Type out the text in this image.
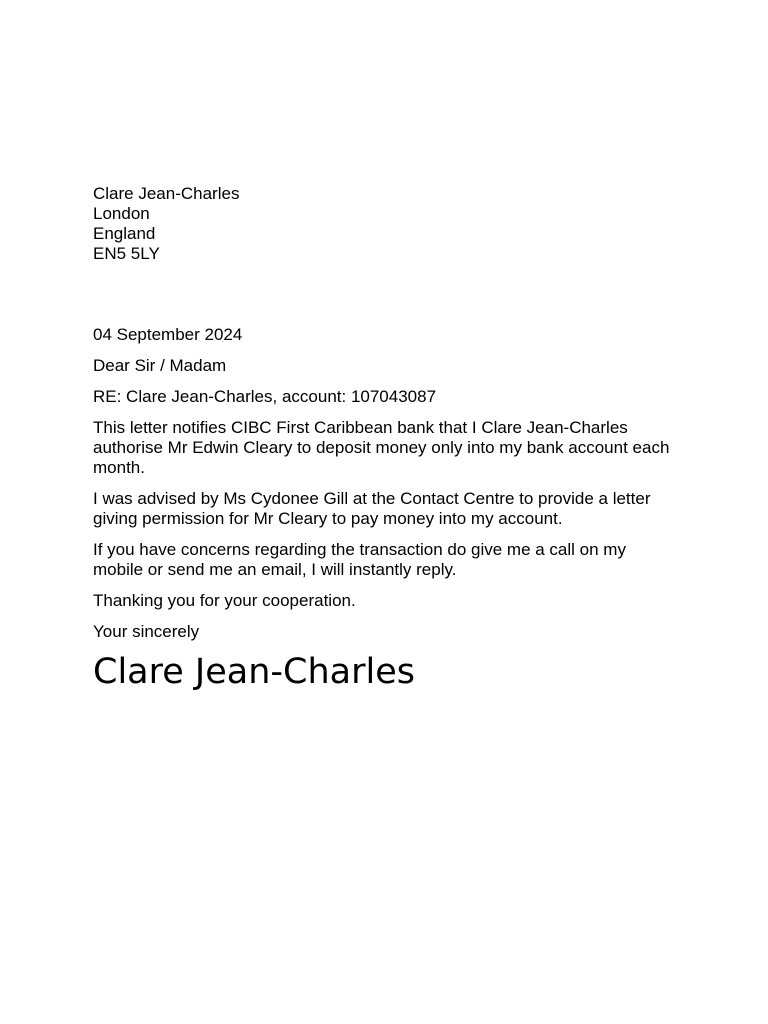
Clare Jean-Charles

London

England

EN5 5LY

04 September 2024

Dear Sir / Madam

RE: Clare Jean-Charles, account: 107043087

This letter notifies CIBC First Caribbean bank that I Clare Jean-Charles authorise Mr Edwin Cleary to deposit money only into my bank account each month.

I was advised by Ms Cydonee Gill at the Contact Centre to provide a letter giving permission for Mr Cleary to pay money into my account.

If you have concerns regarding the transaction do give me a call on my mobile or send me an email, I will instantly reply.

Thanking you for your cooperation.

Your sincerely

Clare Jean-Charles
